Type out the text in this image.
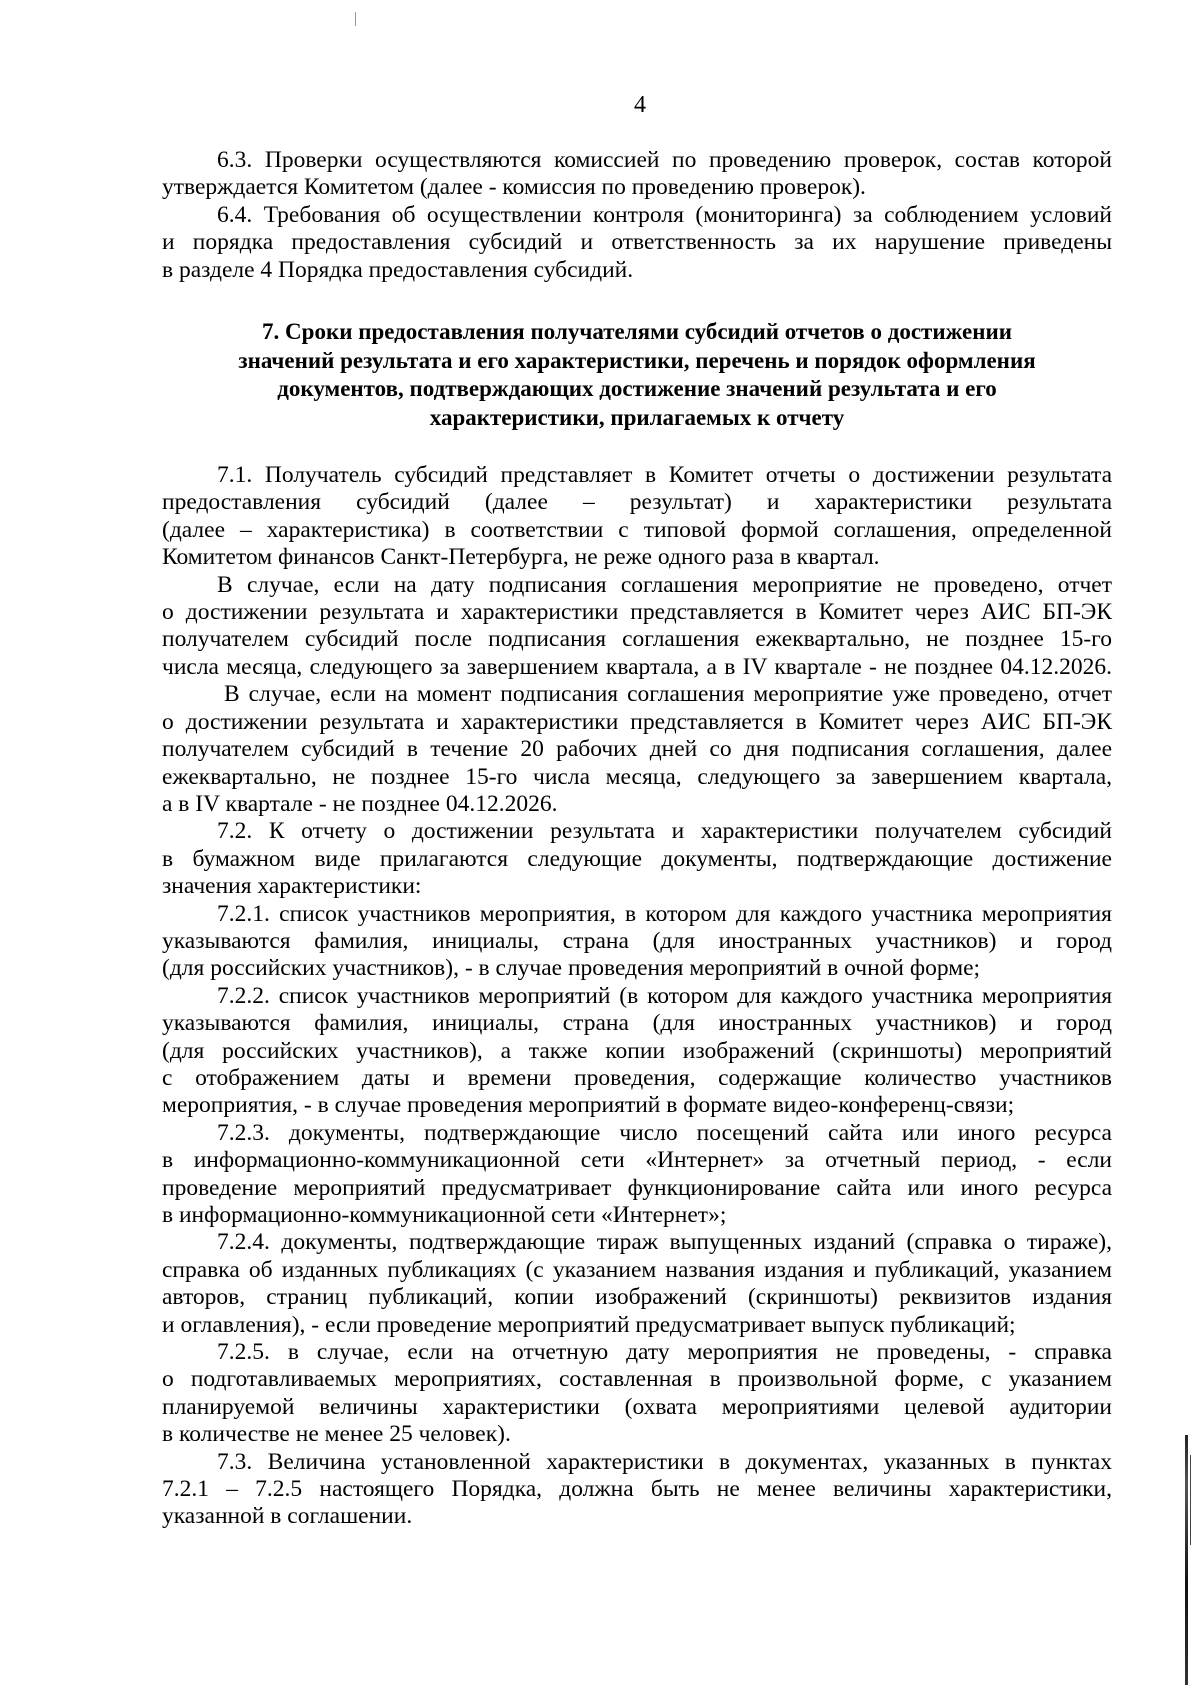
4
6.3. Проверки осуществляются комиссией по проведению проверок, состав которой
утверждается Комитетом (далее - комиссия по проведению проверок).
6.4. Требования об осуществлении контроля (мониторинга) за соблюдением условий
и порядка предоставления субсидий и ответственность за их нарушение приведены
в разделе 4 Порядка предоставления субсидий.
7. Сроки предоставления получателями субсидий отчетов о достижении
значений результата и его характеристики, перечень и порядок оформления
документов, подтверждающих достижение значений результата и его
характеристики, прилагаемых к отчету
7.1. Получатель субсидий представляет в Комитет отчеты о достижении результата
предоставления субсидий (далее – результат) и характеристики результата
(далее – характеристика) в соответствии с типовой формой соглашения, определенной
Комитетом финансов Санкт-Петербурга, не реже одного раза в квартал.
В случае, если на дату подписания соглашения мероприятие не проведено, отчет
о достижении результата и характеристики представляется в Комитет через АИС БП-ЭК
получателем субсидий после подписания соглашения ежеквартально, не позднее 15-го
числа месяца, следующего за завершением квартала, а в IV квартале - не позднее 04.12.2026.
В случае, если на момент подписания соглашения мероприятие уже проведено, отчет
о достижении результата и характеристики представляется в Комитет через АИС БП-ЭК
получателем субсидий в течение 20 рабочих дней со дня подписания соглашения, далее
ежеквартально, не позднее 15-го числа месяца, следующего за завершением квартала,
а в IV квартале - не позднее 04.12.2026.
7.2. К отчету о достижении результата и характеристики получателем субсидий
в бумажном виде прилагаются следующие документы, подтверждающие достижение
значения характеристики:
7.2.1. список участников мероприятия, в котором для каждого участника мероприятия
указываются фамилия, инициалы, страна (для иностранных участников) и город
(для российских участников), - в случае проведения мероприятий в очной форме;
7.2.2. список участников мероприятий (в котором для каждого участника мероприятия
указываются фамилия, инициалы, страна (для иностранных участников) и город
(для российских участников), а также копии изображений (скриншоты) мероприятий
с отображением даты и времени проведения, содержащие количество участников
мероприятия, - в случае проведения мероприятий в формате видео-конференц-связи;
7.2.3. документы, подтверждающие число посещений сайта или иного ресурса
в информационно-коммуникационной сети «Интернет» за отчетный период, - если
проведение мероприятий предусматривает функционирование сайта или иного ресурса
в информационно-коммуникационной сети «Интернет»;
7.2.4. документы, подтверждающие тираж выпущенных изданий (справка о тираже),
справка об изданных публикациях (с указанием названия издания и публикаций, указанием
авторов, страниц публикаций, копии изображений (скриншоты) реквизитов издания
и оглавления), - если проведение мероприятий предусматривает выпуск публикаций;
7.2.5. в случае, если на отчетную дату мероприятия не проведены, - справка
о подготавливаемых мероприятиях, составленная в произвольной форме, с указанием
планируемой величины характеристики (охвата мероприятиями целевой аудитории
в количестве не менее 25 человек).
7.3. Величина установленной характеристики в документах, указанных в пунктах
7.2.1 – 7.2.5 настоящего Порядка, должна быть не менее величины характеристики,
указанной в соглашении.
